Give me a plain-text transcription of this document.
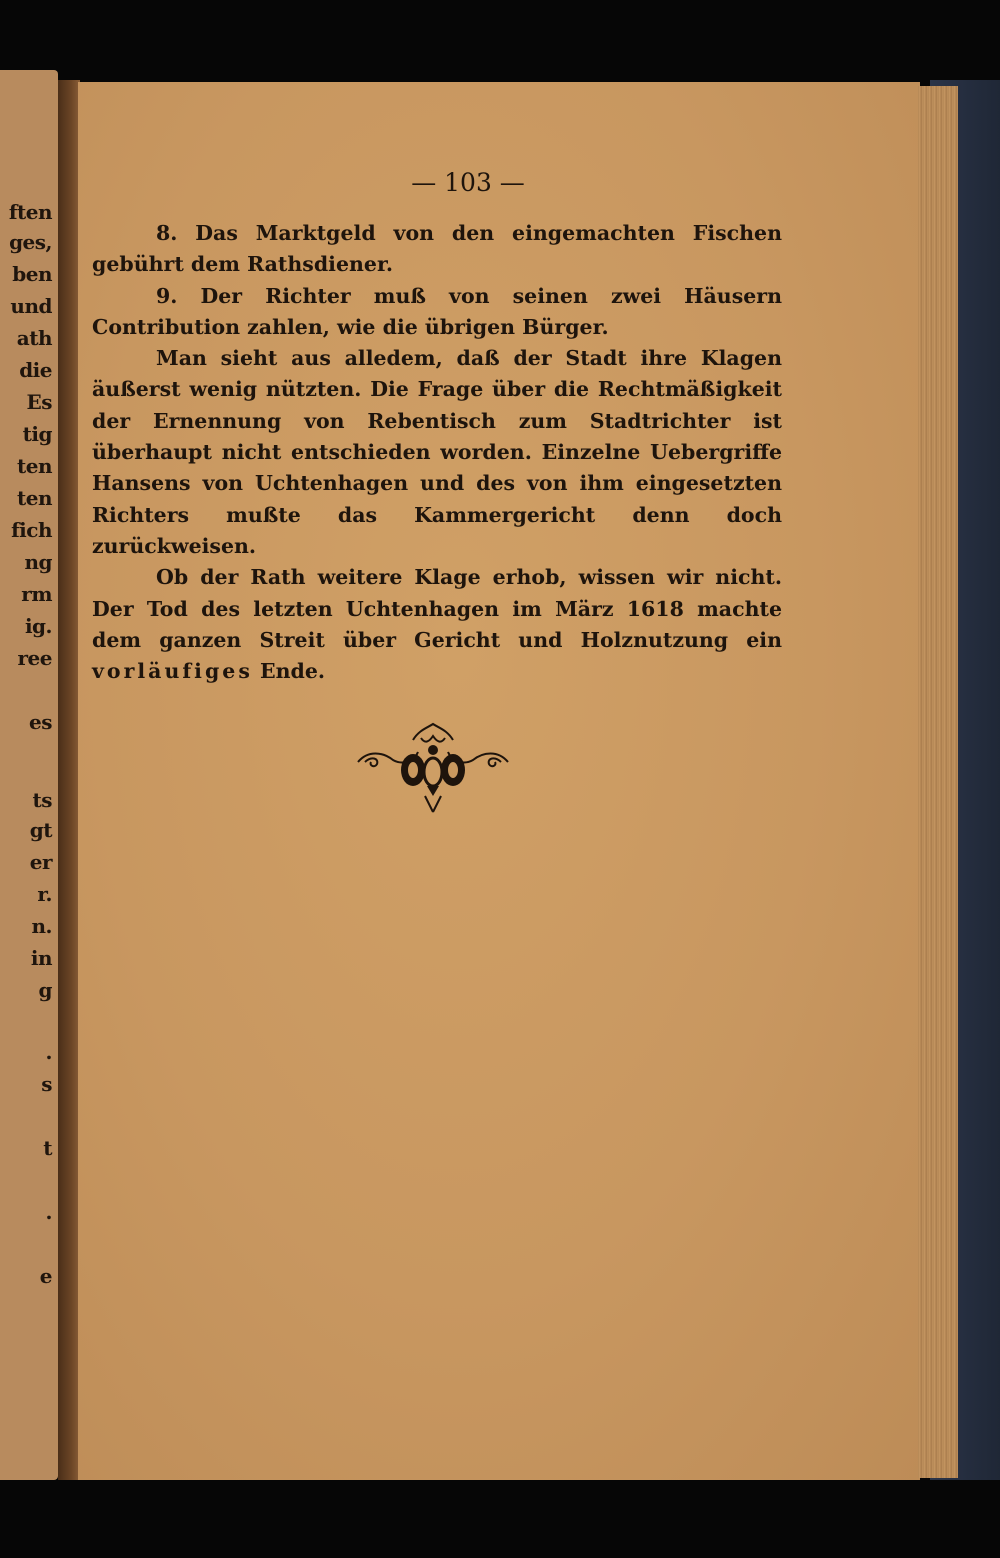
ften
ges,
ben
und
ath
die
Es
tig
ten
ten
fich
ng
rm
ig.
ree
es
ts
gt
er
r.
n.
in
g
.
s
t
.
e
— 103 —

8. Das Marktgeld von den eingemachten Fischen gebührt dem Rathsdiener.

9. Der Richter muß von seinen zwei Häusern Contribution zahlen, wie die übrigen Bürger.

Man sieht aus alledem, daß der Stadt ihre Klagen äußerst wenig nützten. Die Frage über die Rechtmäßigkeit der Ernennung von Rebentisch zum Stadtrichter ist überhaupt nicht entschieden worden. Einzelne Uebergriffe Hansens von Uchtenhagen und des von ihm eingesetzten Richters mußte das Kammergericht denn doch zurückweisen.

Ob der Rath weitere Klage erhob, wissen wir nicht. Der Tod des letzten Uchtenhagen im März 1618 machte dem ganzen Streit über Gericht und Holznutzung ein vorläufiges Ende.
